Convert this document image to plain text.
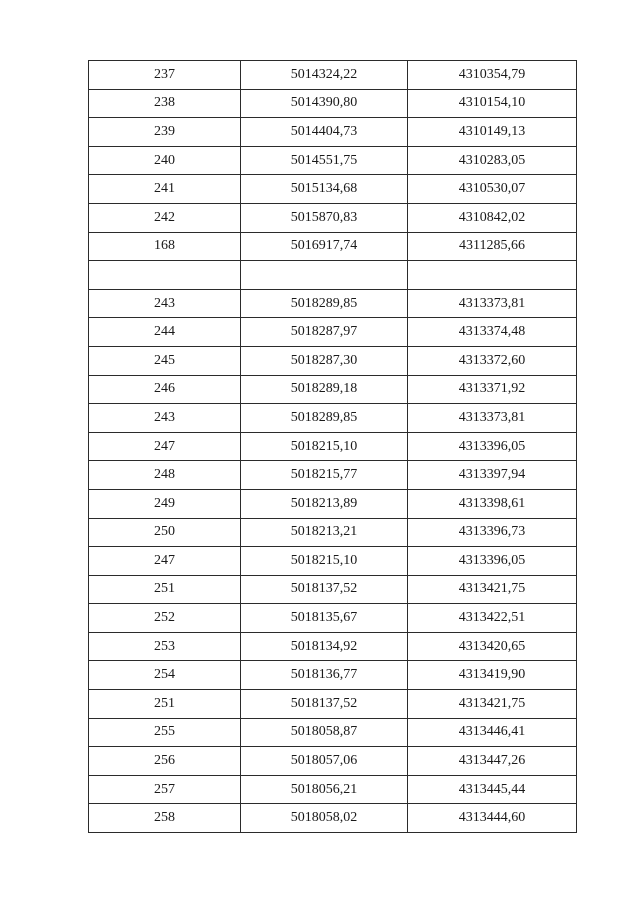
237	5014324,22	4310354,79
238	5014390,80	4310154,10
239	5014404,73	4310149,13
240	5014551,75	4310283,05
241	5015134,68	4310530,07
242	5015870,83	4310842,02
168	5016917,74	4311285,66

243	5018289,85	4313373,81
244	5018287,97	4313374,48
245	5018287,30	4313372,60
246	5018289,18	4313371,92
243	5018289,85	4313373,81
247	5018215,10	4313396,05
248	5018215,77	4313397,94
249	5018213,89	4313398,61
250	5018213,21	4313396,73
247	5018215,10	4313396,05
251	5018137,52	4313421,75
252	5018135,67	4313422,51
253	5018134,92	4313420,65
254	5018136,77	4313419,90
251	5018137,52	4313421,75
255	5018058,87	4313446,41
256	5018057,06	4313447,26
257	5018056,21	4313445,44
258	5018058,02	4313444,60
